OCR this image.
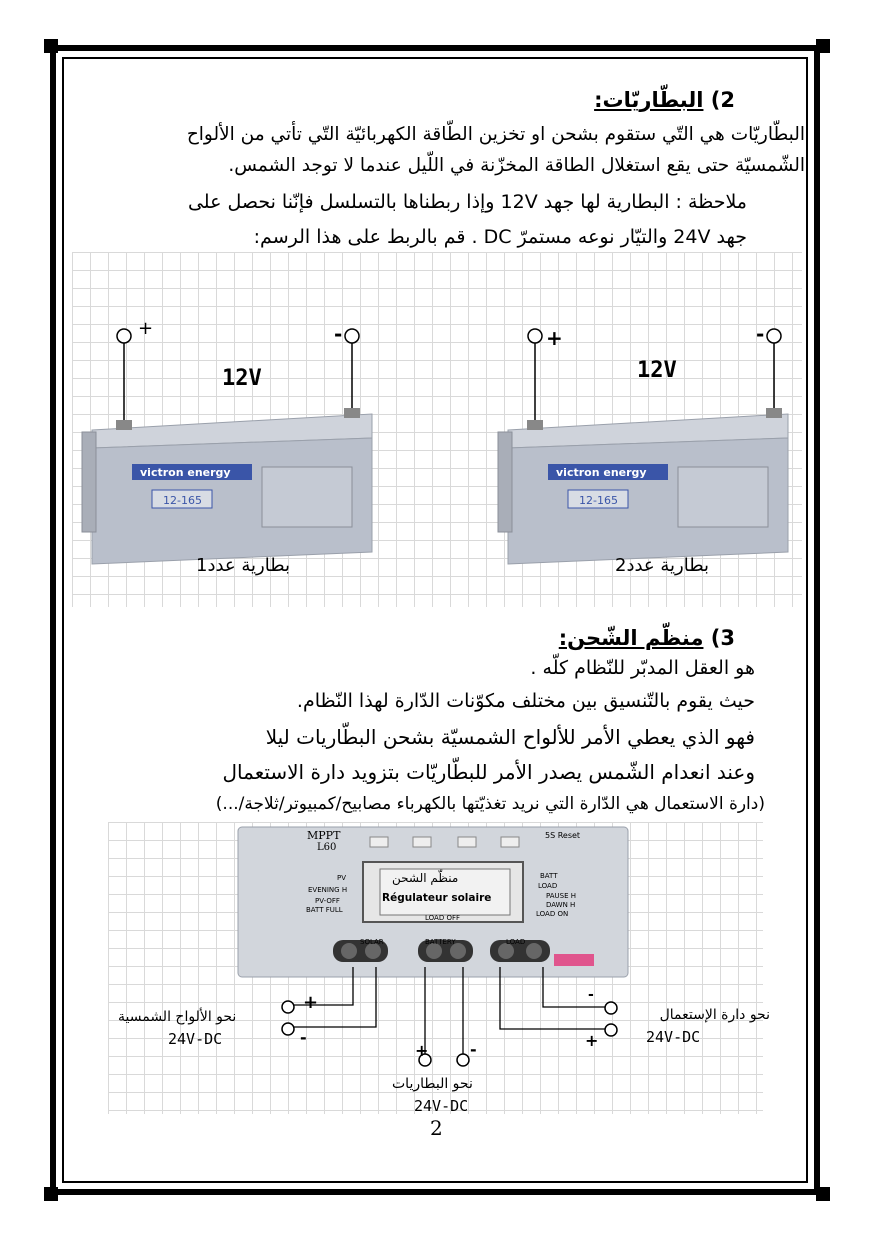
2) البطّاريّات:
البطّاريّات هي التّي ستقوم بشحن او تخزين الطّاقة الكهربائيّة التّي تأتي من الألواح
الشّمسيّة حتى يقع استغلال الطاقة المخزّنة في اللّيل عندما لا توجد الشمس.
ملاحظة : البطارية لها جهد 12V وإذا ربطناها بالتسلسل فإنّنا نحصل على
جهد 24V والتيّار نوعه مستمرّ DC . قم بالربط على هذا الرسم:
+	-
12V
victron energy
12-165
بطارية عدد1
+	-
12V
victron energy
12-165
بطارية عدد2
3) منظّم الشّحن:
هو العقل المدبّر للنّظام كلّه .
حيث يقوم بالتّنسيق بين مختلف مكوّنات الدّارة لهذا النّظام.
فهو الذي يعطي الأمر للألواح الشمسيّة بشحن البطّاريات ليلا
وعند انعدام الشّمس يصدر الأمر للبطّاريّات بتزويد دارة الاستعمال
(دارة الاستعمال هي الدّارة التي نريد تغذيّتها بالكهرباء مصابيح/كمبيوتر/ثلاجة/...)
MPPT
L60
5S Reset
منظّم الشحن
Régulateur solaire
PV
EVENING H
PV-OFF
BATT FULL
BATT
LOAD
PAUSE H
DAWN H
LOAD ON
LOAD OFF
SOLAR	BATTERY	LOAD
+
-
نحو الألواح الشمسية
24V-DC
+	-
نحو البطاريات
24V-DC
-
+
نحو دارة الإستعمال
24V-DC
2
